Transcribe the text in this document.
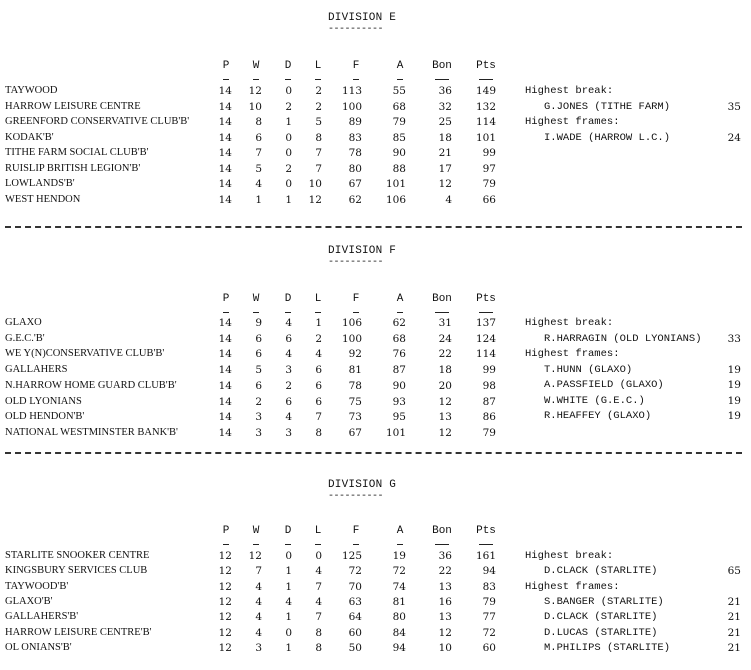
DIVISION E
----------
P	W	D	L	F	A	Bon	Pts
TAYWOOD	14	12	0	2	113	55	36	149
HARROW LEISURE CENTRE	14	10	2	2	100	68	32	132
GREENFORD CONSERVATIVE CLUB'B'	14	8	1	5	89	79	25	114
KODAK'B'	14	6	0	8	83	85	18	101
TITHE FARM SOCIAL CLUB'B'	14	7	0	7	78	90	21	99
RUISLIP BRITISH LEGION'B'	14	5	2	7	80	88	17	97
LOWLANDS'B'	14	4	0	10	67	101	12	79
WEST HENDON	14	1	1	12	62	106	4	66
Highest break:
G.JONES (TITHE FARM)	35
Highest frames:
I.WADE (HARROW L.C.)	24
DIVISION F
----------
P	W	D	L	F	A	Bon	Pts
GLAXO	14	9	4	1	106	62	31	137
G.E.C.'B'	14	6	6	2	100	68	24	124
WE Y(N)CONSERVATIVE CLUB'B'	14	6	4	4	92	76	22	114
GALLAHERS	14	5	3	6	81	87	18	99
N.HARROW HOME GUARD CLUB'B'	14	6	2	6	78	90	20	98
OLD LYONIANS	14	2	6	6	75	93	12	87
OLD HENDON'B'	14	3	4	7	73	95	13	86
NATIONAL WESTMINSTER BANK'B'	14	3	3	8	67	101	12	79
Highest break:
R.HARRAGIN (OLD LYONIANS)	33
Highest frames:
T.HUNN (GLAXO)	19
A.PASSFIELD (GLAXO)	19
W.WHITE (G.E.C.)	19
R.HEAFFEY (GLAXO)	19
DIVISION G
----------
P	W	D	L	F	A	Bon	Pts
STARLITE SNOOKER CENTRE	12	12	0	0	125	19	36	161
KINGSBURY SERVICES CLUB	12	7	1	4	72	72	22	94
TAYWOOD'B'	12	4	1	7	70	74	13	83
GLAXO'B'	12	4	4	4	63	81	16	79
GALLAHERS'B'	12	4	1	7	64	80	13	77
HARROW LEISURE CENTRE'B'	12	4	0	8	60	84	12	72
OL ONIANS'B'	12	3	1	8	50	94	10	60
Highest break:
D.CLACK (STARLITE)	65
Highest frames:
S.BANGER (STARLITE)	21
D.CLACK (STARLITE)	21
D.LUCAS (STARLITE)	21
M.PHILIPS (STARLITE)	21
